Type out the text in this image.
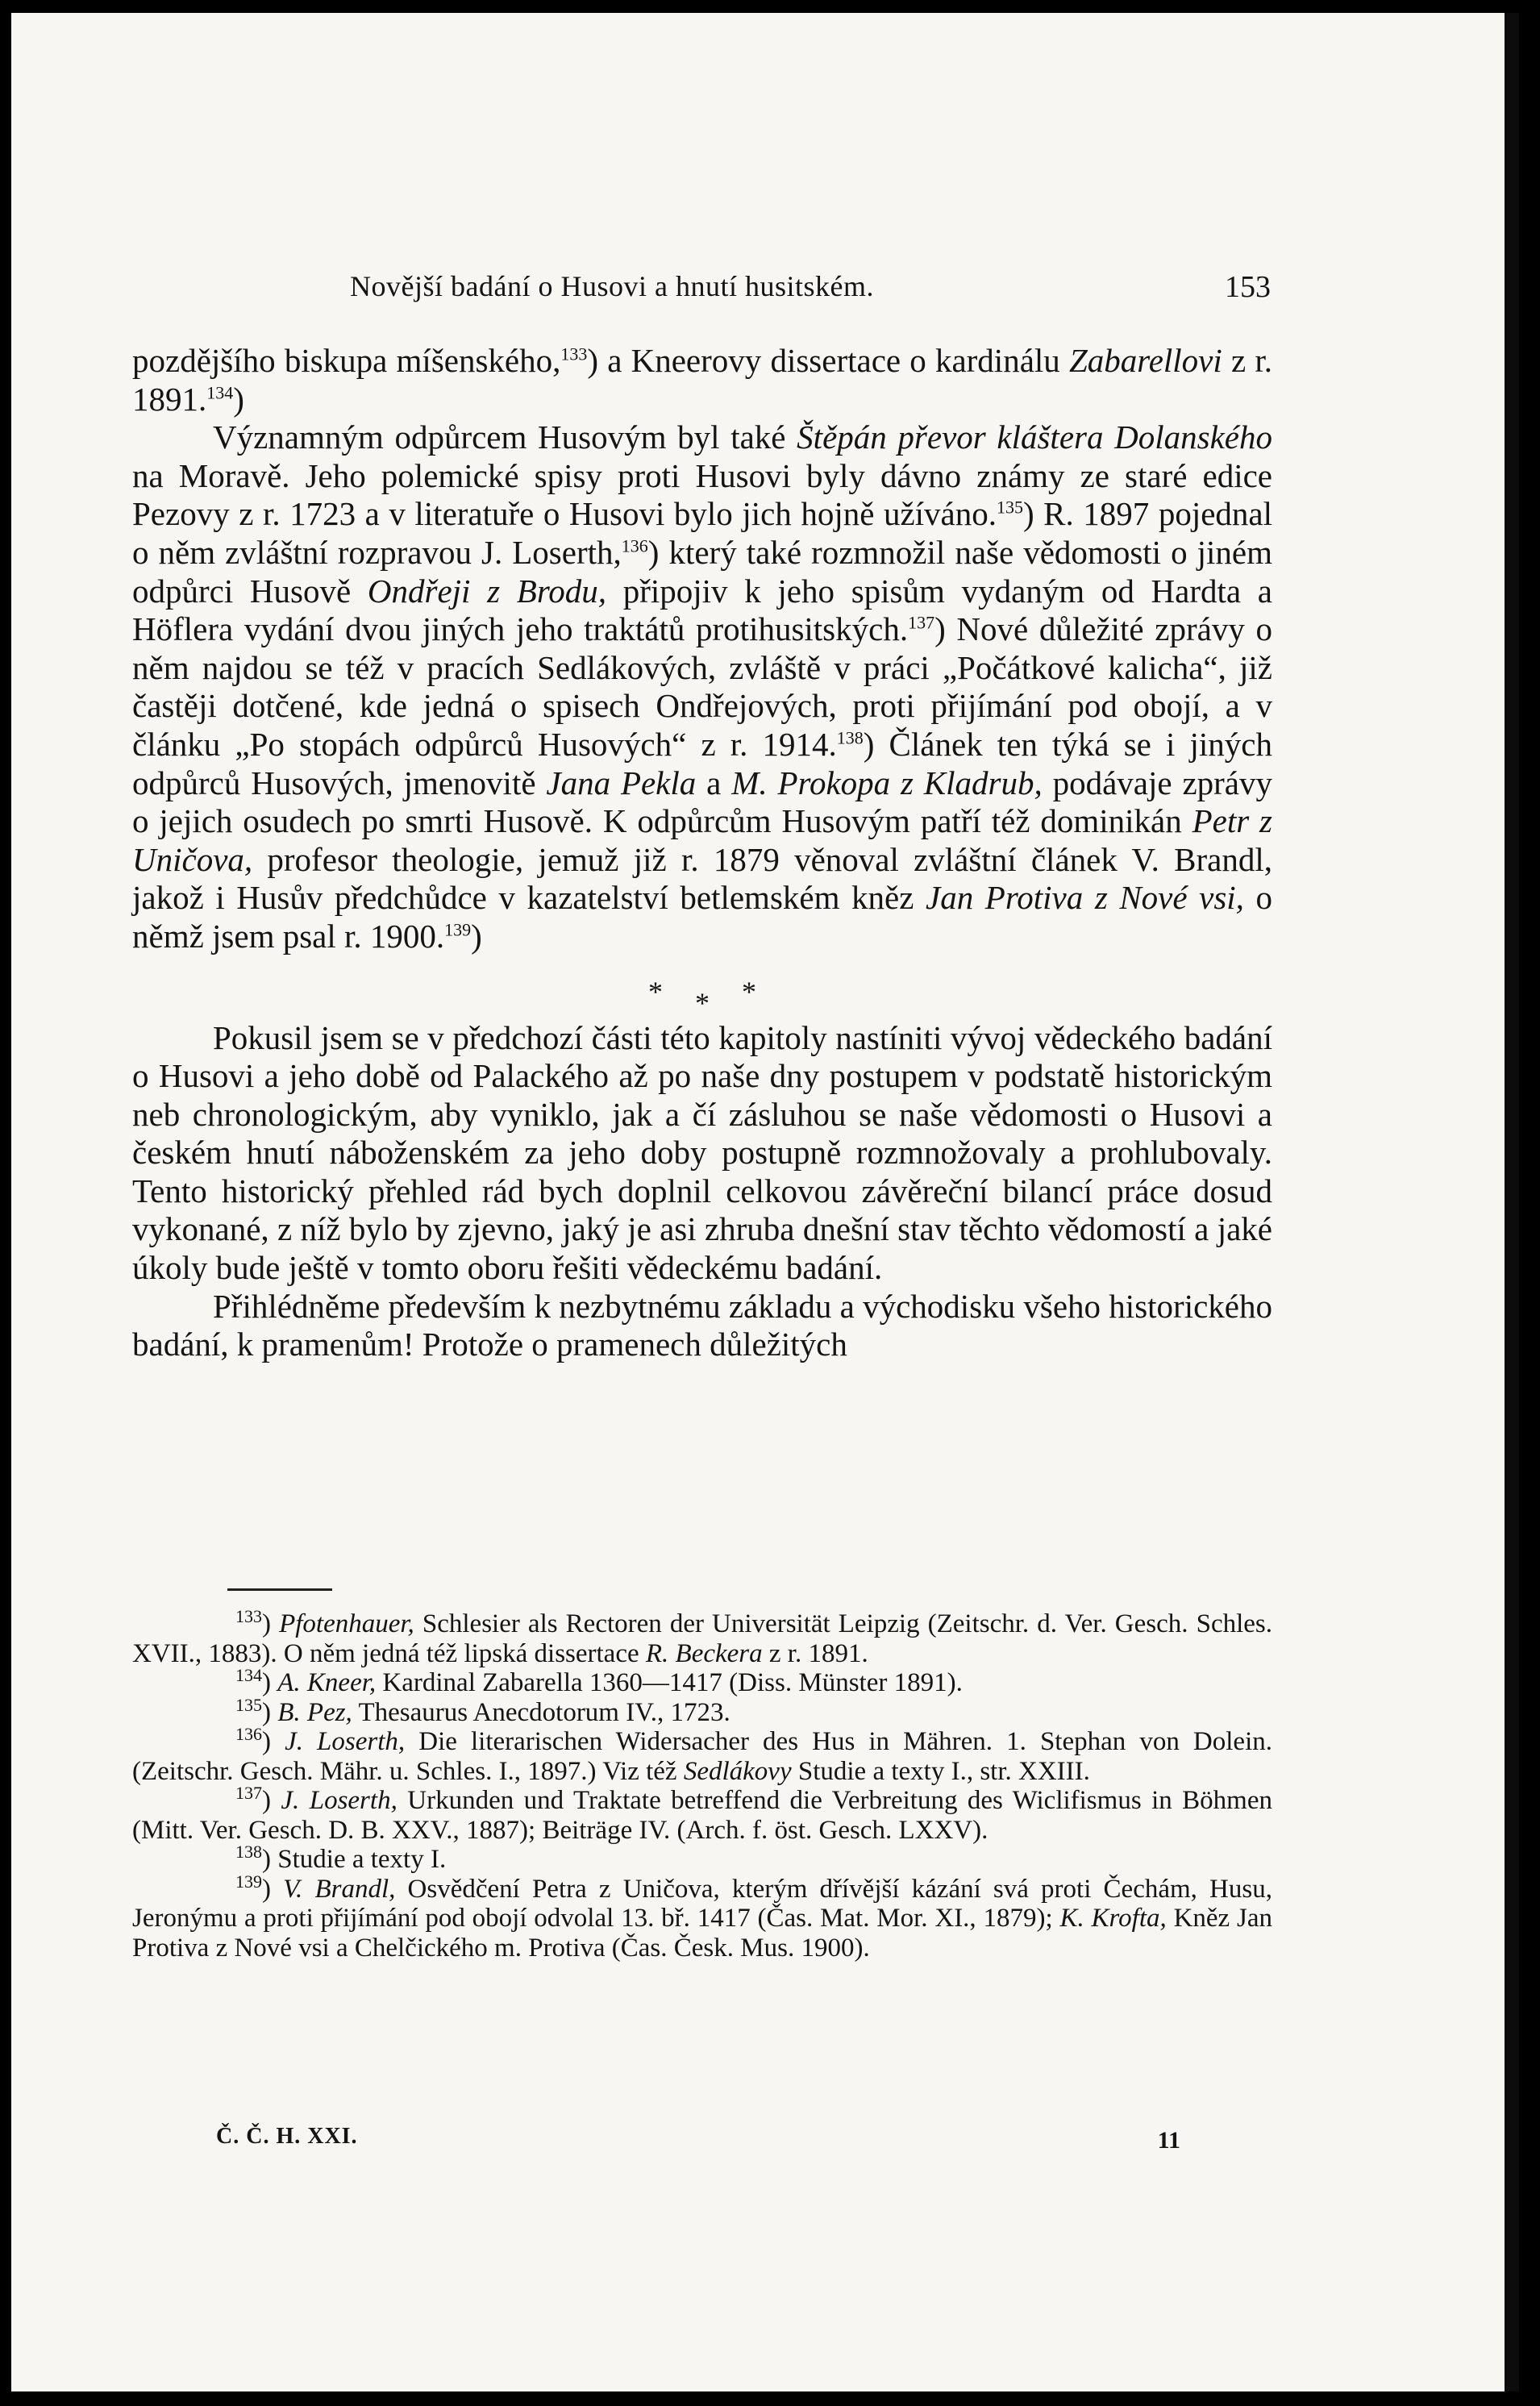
Novější badání o Husovi a hnutí husitském.	153

pozdějšího biskupa míšenského,$^{133}$) a Kneerovy dissertace o kardinálu Zabarellovi z r. 1891.$^{134}$)

Významným odpůrcem Husovým byl také Štěpán převor kláštera Dolanského na Moravě. Jeho polemické spisy proti Husovi byly dávno známy ze staré edice Pezovy z r. 1723 a v literatuře o Husovi bylo jich hojně užíváno.$^{135}$) R. 1897 pojednal o něm zvláštní rozpravou J. Loserth,$^{136}$) který také rozmnožil naše vědomosti o jiném odpůrci Husově Ondřeji z Brodu, připojiv k jeho spisům vydaným od Hardta a Höflera vydání dvou jiných jeho traktátů protihusitských.$^{137}$) Nové důležité zprávy o něm najdou se též v pracích Sedlákových, zvláště v práci „Počátkové kalicha“, již častěji dotčené, kde jedná o spisech Ondřejových, proti přijímání pod obojí, a v článku „Po stopách odpůrců Husových“ z r. 1914.$^{138}$) Článek ten týká se i jiných odpůrců Husových, jmenovitě Jana Pekla a M. Prokopa z Kladrub, podávaje zprávy o jejich osudech po smrti Husově. K odpůrcům Husovým patří též dominikán Petr z Uničova, profesor theologie, jemuž již r. 1879 věnoval zvláštní článek V. Brandl, jakož i Husův předchůdce v kazatelství betlemském kněz Jan Protiva z Nové vsi, o němž jsem psal r. 1900.$^{139}$)

***

Pokusil jsem se v předchozí části této kapitoly nastíniti vývoj vědeckého badání o Husovi a jeho době od Palackého až po naše dny postupem v podstatě historickým neb chronologickým, aby vyniklo, jak a čí zásluhou se naše vědomosti o Husovi a českém hnutí náboženském za jeho doby postupně rozmnožovaly a prohlubovaly. Tento historický přehled rád bych doplnil celkovou závěreční bilancí práce dosud vykonané, z níž bylo by zjevno, jaký je asi zhruba dnešní stav těchto vědomostí a jaké úkoly bude ještě v tomto oboru řešiti vědeckému badání.

Přihlédněme především k nezbytnému základu a východisku všeho historického badání, k pramenům! Protože o pramenech důležitých

$^{133}$) Pfotenhauer, Schlesier als Rectoren der Universität Leipzig (Zeitschr. d. Ver. Gesch. Schles. XVII., 1883). O něm jedná též lipská dissertace R. Beckera z r. 1891.

$^{134}$) A. Kneer, Kardinal Zabarella 1360—1417 (Diss. Münster 1891).

$^{135}$) B. Pez, Thesaurus Anecdotorum IV., 1723.

$^{136}$) J. Loserth, Die literarischen Widersacher des Hus in Mähren. 1. Stephan von Dolein. (Zeitschr. Gesch. Mähr. u. Schles. I., 1897.) Viz též Sedlákovy Studie a texty I., str. XXIII.

$^{137}$) J. Loserth, Urkunden und Traktate betreffend die Verbreitung des Wiclifismus in Böhmen (Mitt. Ver. Gesch. D. B. XXV., 1887); Beiträge IV. (Arch. f. öst. Gesch. LXXV).

$^{138}$) Studie a texty I.

$^{139}$) V. Brandl, Osvědčení Petra z Uničova, kterým dřívější kázání svá proti Čechám, Husu, Jeronýmu a proti přijímání pod obojí odvolal 13. bř. 1417 (Čas. Mat. Mor. XI., 1879); K. Krofta, Kněz Jan Protiva z Nové vsi a Chelčického m. Protiva (Čas. Česk. Mus. 1900).

Č. Č. H. XXI.	11
